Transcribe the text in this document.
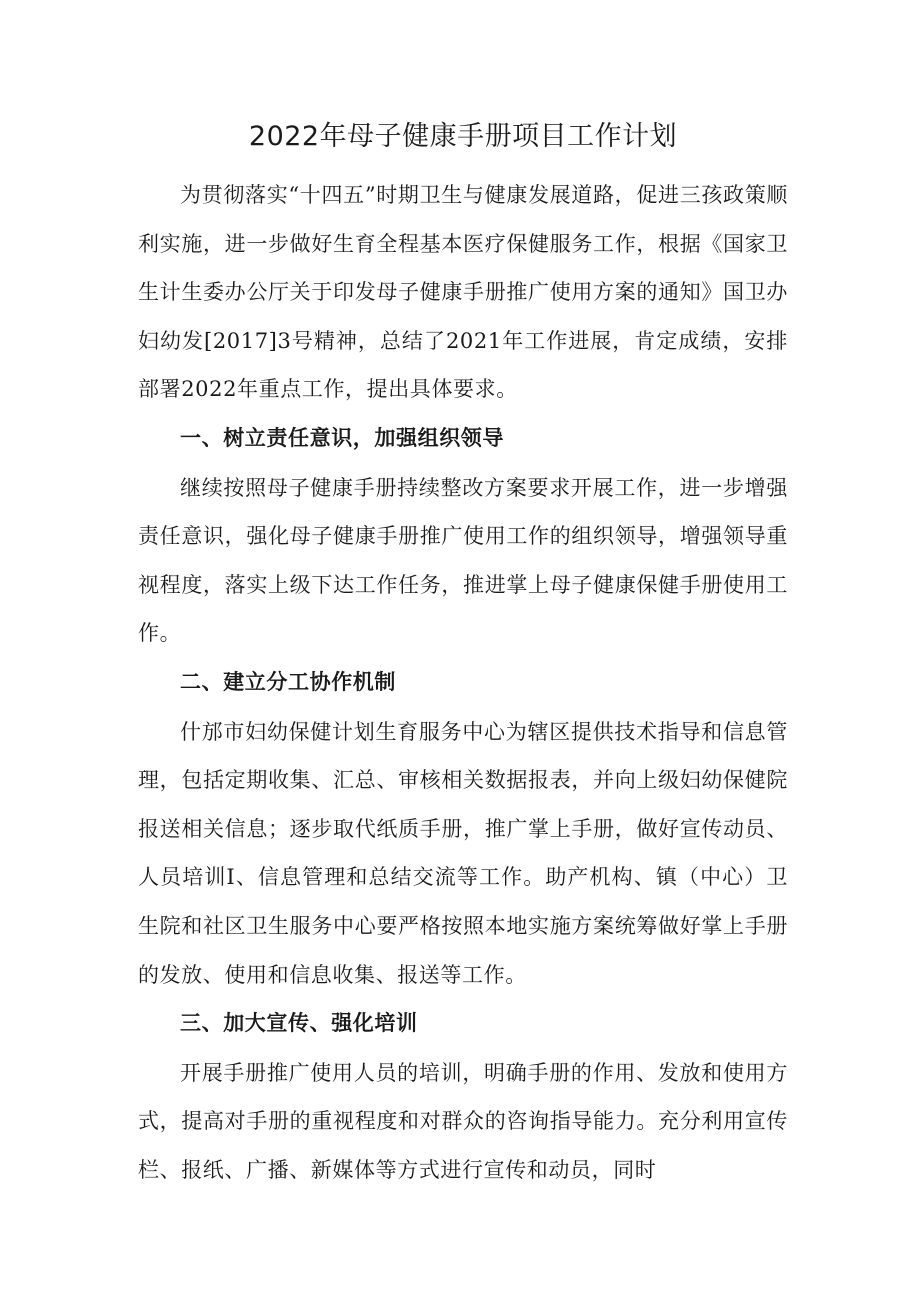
2022年母子健康手册项目工作计划

为贯彻落实“十四五”时期卫生与健康发展道路，促进三孩政策顺利实施，进一步做好生育全程基本医疗保健服务工作，根据《国家卫生计生委办公厅关于印发母子健康手册推广使用方案的通知》国卫办妇幼发[2017]3号精神，总结了2021年工作进展，肯定成绩，安排部署2022年重点工作，提出具体要求。

一、树立责任意识，加强组织领导

继续按照母子健康手册持续整改方案要求开展工作，进一步增强责任意识，强化母子健康手册推广使用工作的组织领导，增强领导重视程度，落实上级下达工作任务，推进掌上母子健康保健手册使用工作。

二、建立分工协作机制

什邡市妇幼保健计划生育服务中心为辖区提供技术指导和信息管理，包括定期收集、汇总、审核相关数据报表，并向上级妇幼保健院报送相关信息；逐步取代纸质手册，推广掌上手册，做好宣传动员、人员培训I、信息管理和总结交流等工作。助产机构、镇（中心）卫生院和社区卫生服务中心要严格按照本地实施方案统筹做好掌上手册的发放、使用和信息收集、报送等工作。

三、加大宣传、强化培训

开展手册推广使用人员的培训，明确手册的作用、发放和使用方式，提高对手册的重视程度和对群众的咨询指导能力。充分利用宣传栏、报纸、广播、新媒体等方式进行宣传和动员，同时
